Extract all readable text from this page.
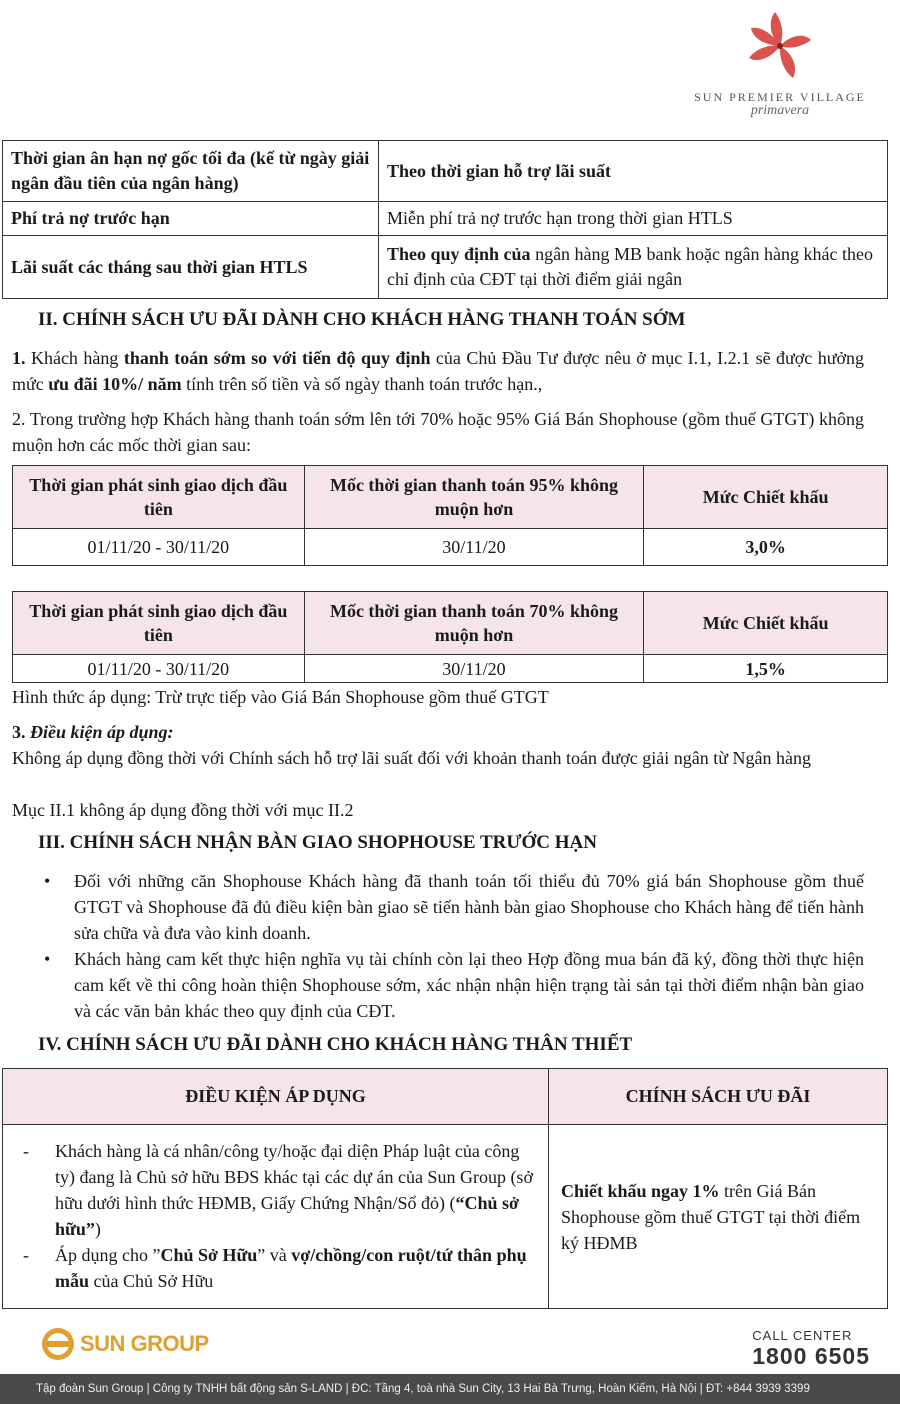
SUN PREMIER VILLAGE
primavera
Thời gian ân hạn nợ gốc tối đa (kể từ ngày giải ngân đầu tiên của ngân hàng)	Theo thời gian hỗ trợ lãi suất
Phí trả nợ trước hạn	Miễn phí trả nợ trước hạn trong thời gian HTLS
Lãi suất các tháng sau thời gian HTLS	Theo quy định của ngân hàng MB bank hoặc ngân hàng khác theo chỉ định của CĐT tại thời điểm giải ngân
II. CHÍNH SÁCH ƯU ĐÃI DÀNH CHO KHÁCH HÀNG THANH TOÁN SỚM
1. Khách hàng thanh toán sớm so với tiến độ quy định của Chủ Đầu Tư được nêu ở mục I.1, I.2.1 sẽ được hưởng mức ưu đãi 10%/ năm tính trên số tiền và số ngày thanh toán trước hạn.,
2. Trong trường hợp Khách hàng thanh toán sớm lên tới 70% hoặc 95% Giá Bán Shophouse (gồm thuế GTGT) không muộn hơn các mốc thời gian sau:
Thời gian phát sinh giao dịch đầu tiên	Mốc thời gian thanh toán 95% không muộn hơn	Mức Chiết khấu
01/11/20 - 30/11/20	30/11/20	3,0%
Thời gian phát sinh giao dịch đầu tiên	Mốc thời gian thanh toán 70% không muộn hơn	Mức Chiết khấu
01/11/20 - 30/11/20	30/11/20	1,5%
Hình thức áp dụng: Trừ trực tiếp vào Giá Bán Shophouse gồm thuế GTGT
3. Điều kiện áp dụng:
Không áp dụng đồng thời với Chính sách hỗ trợ lãi suất đối với khoản thanh toán được giải ngân từ Ngân hàng
Mục II.1 không áp dụng đồng thời với mục II.2
III. CHÍNH SÁCH NHẬN BÀN GIAO SHOPHOUSE TRƯỚC HẠN
• Đối với những căn Shophouse Khách hàng đã thanh toán tối thiểu đủ 70% giá bán Shophouse gồm thuế GTGT và Shophouse đã đủ điều kiện bàn giao sẽ tiến hành bàn giao Shophouse cho Khách hàng để tiến hành sửa chữa và đưa vào kinh doanh.
• Khách hàng cam kết thực hiện nghĩa vụ tài chính còn lại theo Hợp đồng mua bán đã ký, đồng thời thực hiện cam kết về thi công hoàn thiện Shophouse sớm, xác nhận nhận hiện trạng tài sản tại thời điểm nhận bàn giao và các văn bản khác theo quy định của CĐT.
IV. CHÍNH SÁCH ƯU ĐÃI DÀNH CHO KHÁCH HÀNG THÂN THIẾT
ĐIỀU KIỆN ÁP DỤNG	CHÍNH SÁCH ƯU ĐÃI

- Khách hàng là cá nhân/công ty/hoặc đại diện Pháp luật của công ty) đang là Chủ sở hữu BĐS khác tại các dự án của Sun Group (sở hữu dưới hình thức HĐMB, Giấy Chứng Nhận/Sổ đỏ) (“Chủ sở hữu”)
- Áp dụng cho ”Chủ Sở Hữu” và vợ/chồng/con ruột/tứ thân phụ mẫu của Chủ Sở Hữu	Chiết khấu ngay 1% trên Giá Bán Shophouse gồm thuế GTGT tại thời điểm ký HĐMB
SUN GROUP	CALL CENTER
1800 6505
Tập đoàn Sun Group | Công ty TNHH bất động sản S-LAND | ĐC: Tầng 4, toà nhà Sun City, 13 Hai Bà Trưng, Hoàn Kiếm, Hà Nội | ĐT: +844 3939 3399
